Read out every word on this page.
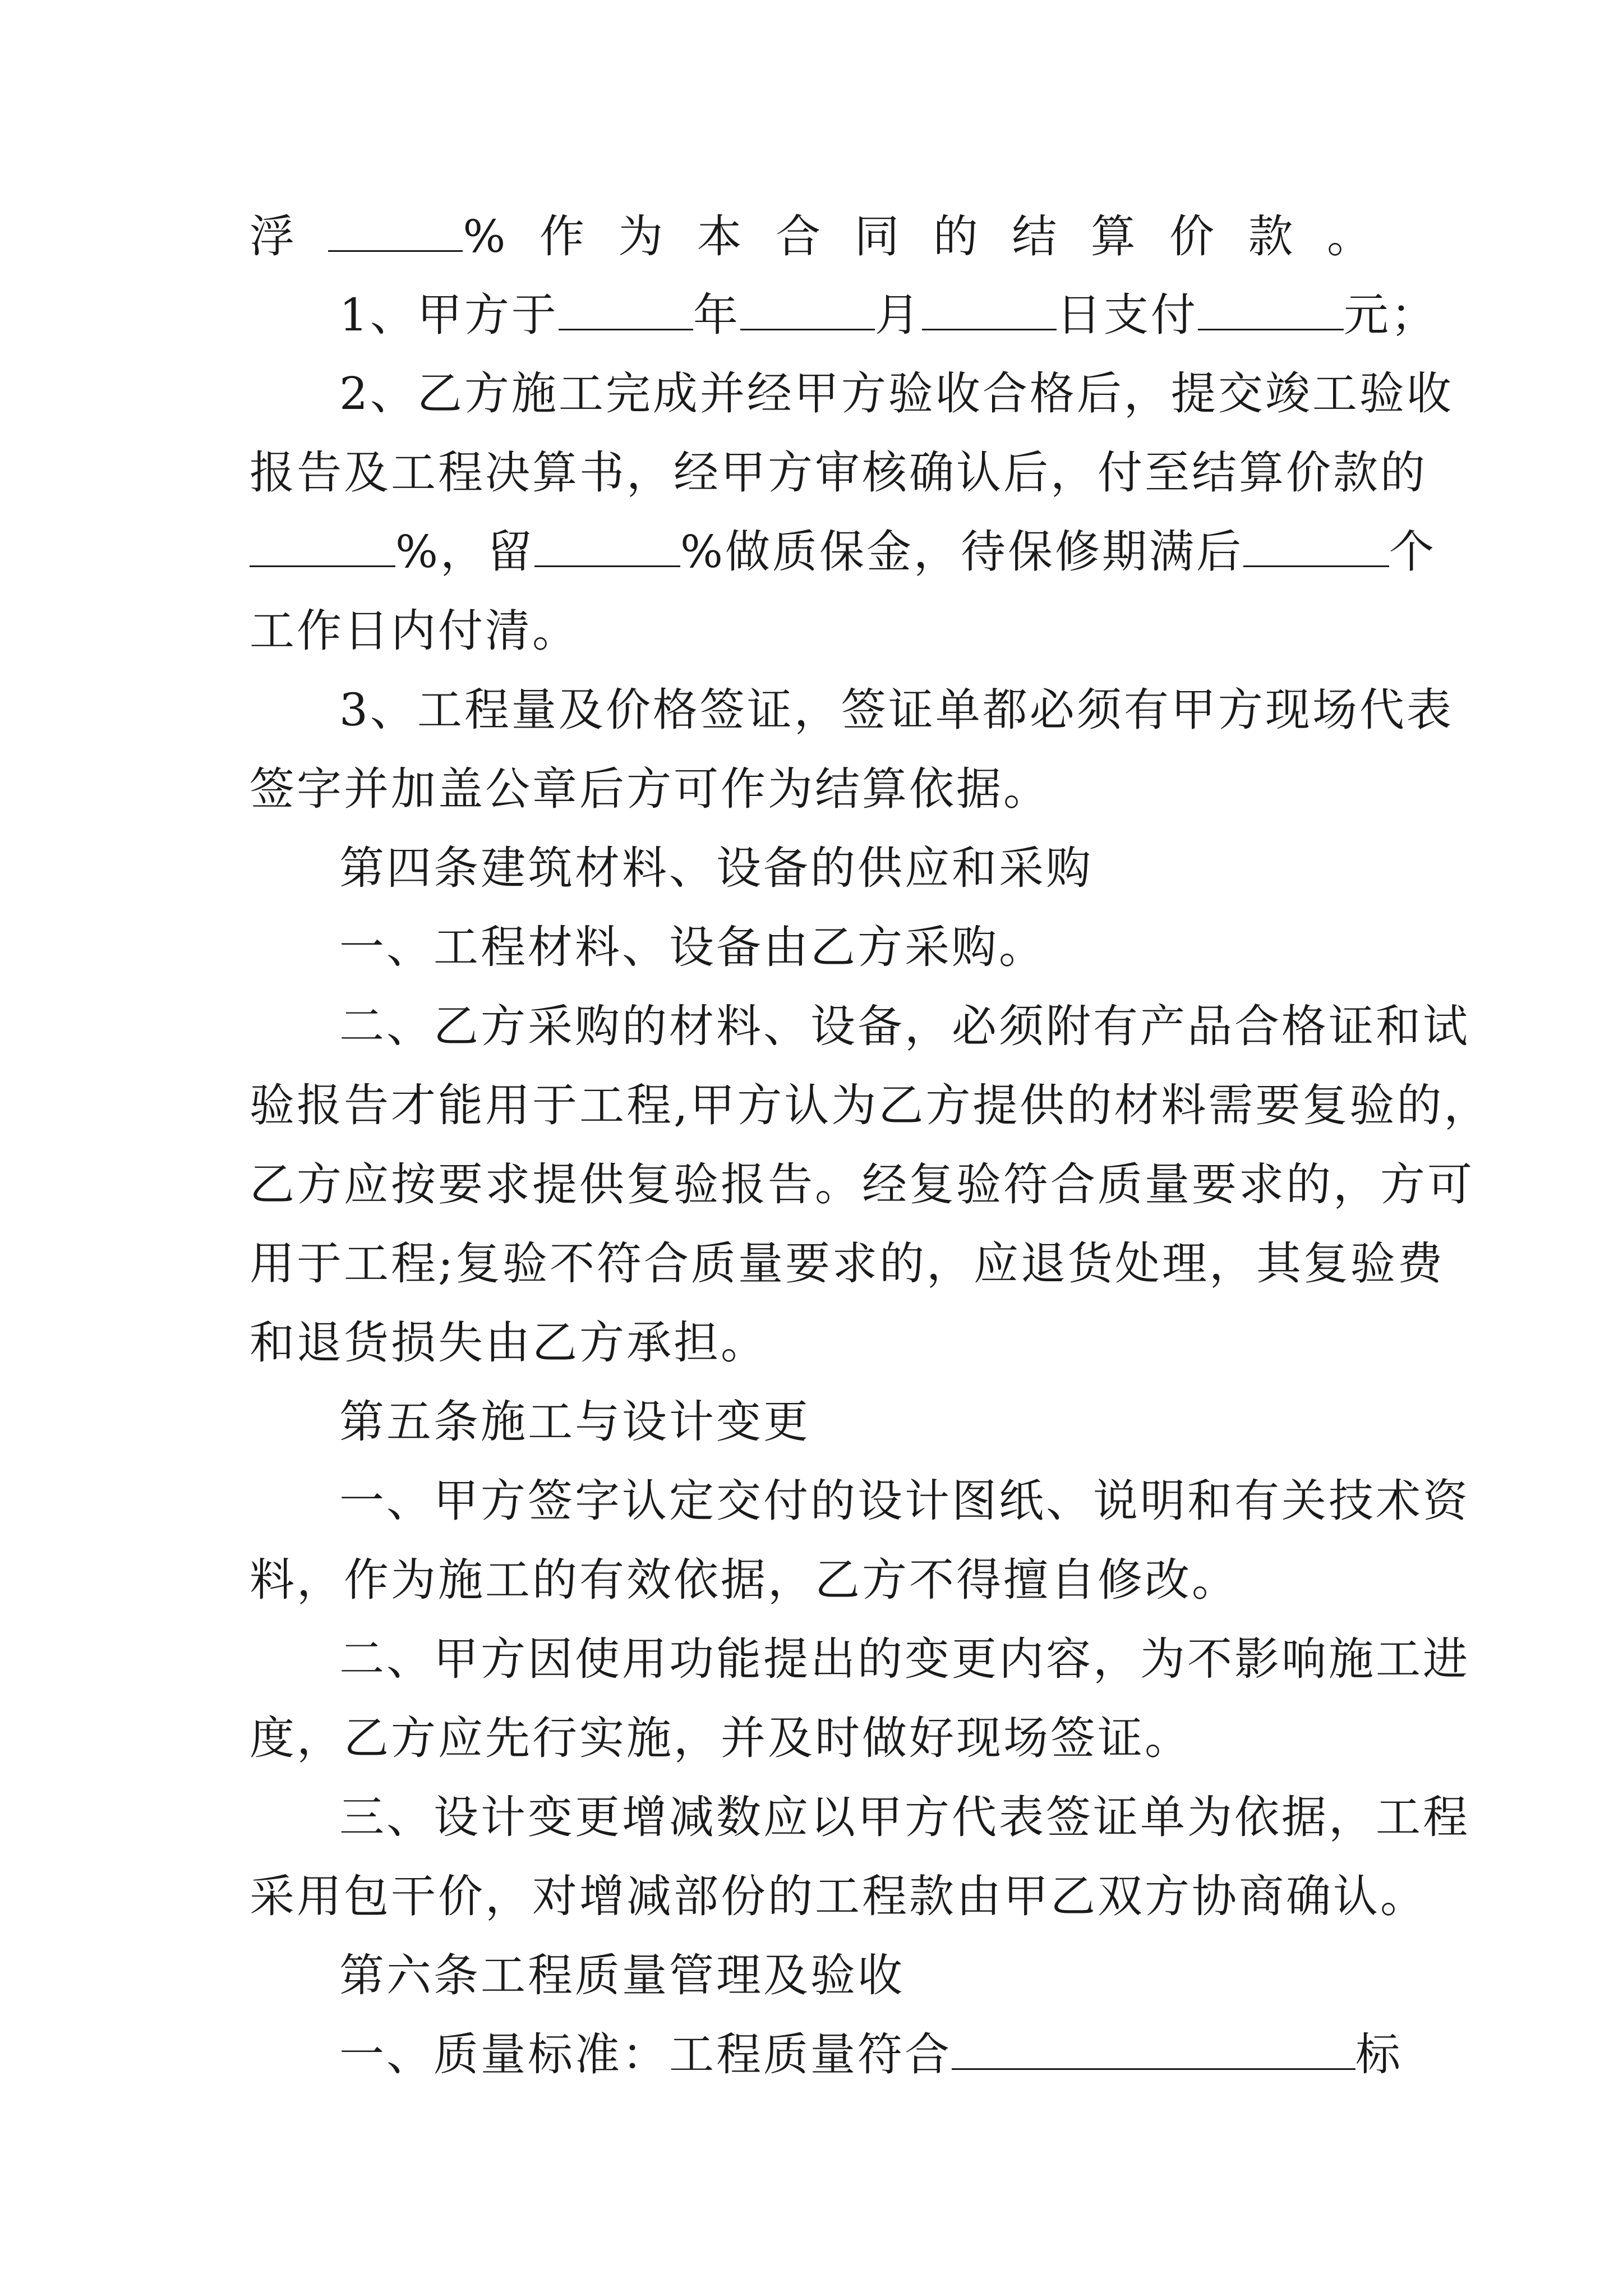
浮	%作为本合同的结算价款。
1、甲方于	年	月	日支付	元；
2、乙方施工完成并经甲方验收合格后，提交竣工验收
报告及工程决算书，经甲方审核确认后，付至结算价款的
%，留	%做质保金，待保修期满后	个
工作日内付清。
3、工程量及价格签证，签证单都必须有甲方现场代表
签字并加盖公章后方可作为结算依据。
第四条建筑材料、设备的供应和采购
一、工程材料、设备由乙方采购。
二、乙方采购的材料、设备，必须附有产品合格证和试
验报告才能用于工程,甲方认为乙方提供的材料需要复验的，
乙方应按要求提供复验报告。经复验符合质量要求的，方可
用于工程;复验不符合质量要求的，应退货处理，其复验费
和退货损失由乙方承担。
第五条施工与设计变更
一、甲方签字认定交付的设计图纸、说明和有关技术资
料，作为施工的有效依据，乙方不得擅自修改。
二、甲方因使用功能提出的变更内容，为不影响施工进
度，乙方应先行实施，并及时做好现场签证。
三、设计变更增减数应以甲方代表签证单为依据，工程
采用包干价，对增减部份的工程款由甲乙双方协商确认。
第六条工程质量管理及验收
一、质量标准：工程质量符合	标
